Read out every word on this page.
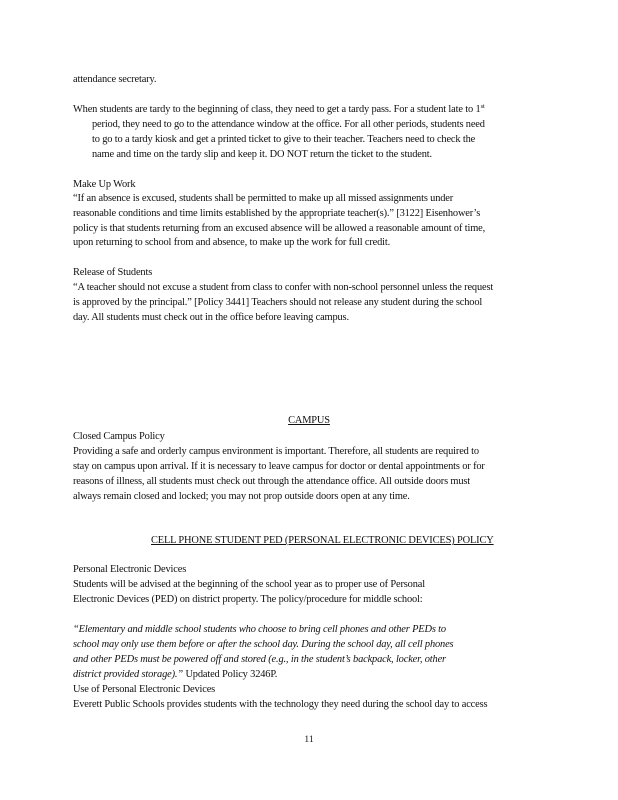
attendance secretary.
When students are tardy to the beginning of class, they need to get a tardy pass. For a student late to 1st
period, they need to go to the attendance window at the office. For all other periods, students need
to go to a tardy kiosk and get a printed ticket to give to their teacher. Teachers need to check the
name and time on the tardy slip and keep it. DO NOT return the ticket to the student.
Make Up Work
“If an absence is excused, students shall be permitted to make up all missed assignments under
reasonable conditions and time limits established by the appropriate teacher(s).” [3122] Eisenhower’s
policy is that students returning from an excused absence will be allowed a reasonable amount of time,
upon returning to school from and absence, to make up the work for full credit.
Release of Students
“A teacher should not excuse a student from class to confer with non-school personnel unless the request
is approved by the principal.” [Policy 3441] Teachers should not release any student during the school
day. All students must check out in the office before leaving campus.
CAMPUS
Closed Campus Policy
Providing a safe and orderly campus environment is important. Therefore, all students are required to
stay on campus upon arrival. If it is necessary to leave campus for doctor or dental appointments or for
reasons of illness, all students must check out through the attendance office. All outside doors must
always remain closed and locked; you may not prop outside doors open at any time.
CELL PHONE STUDENT PED (PERSONAL ELECTRONIC DEVICES) POLICY
Personal Electronic Devices
Students will be advised at the beginning of the school year as to proper use of Personal
Electronic Devices (PED) on district property. The policy/procedure for middle school:
“Elementary and middle school students who choose to bring cell phones and other PEDs to
school may only use them before or after the school day. During the school day, all cell phones
and other PEDs must be powered off and stored (e.g., in the student’s backpack, locker, other
district provided storage).” Updated Policy 3246P.
Use of Personal Electronic Devices
Everett Public Schools provides students with the technology they need during the school day to access
11
